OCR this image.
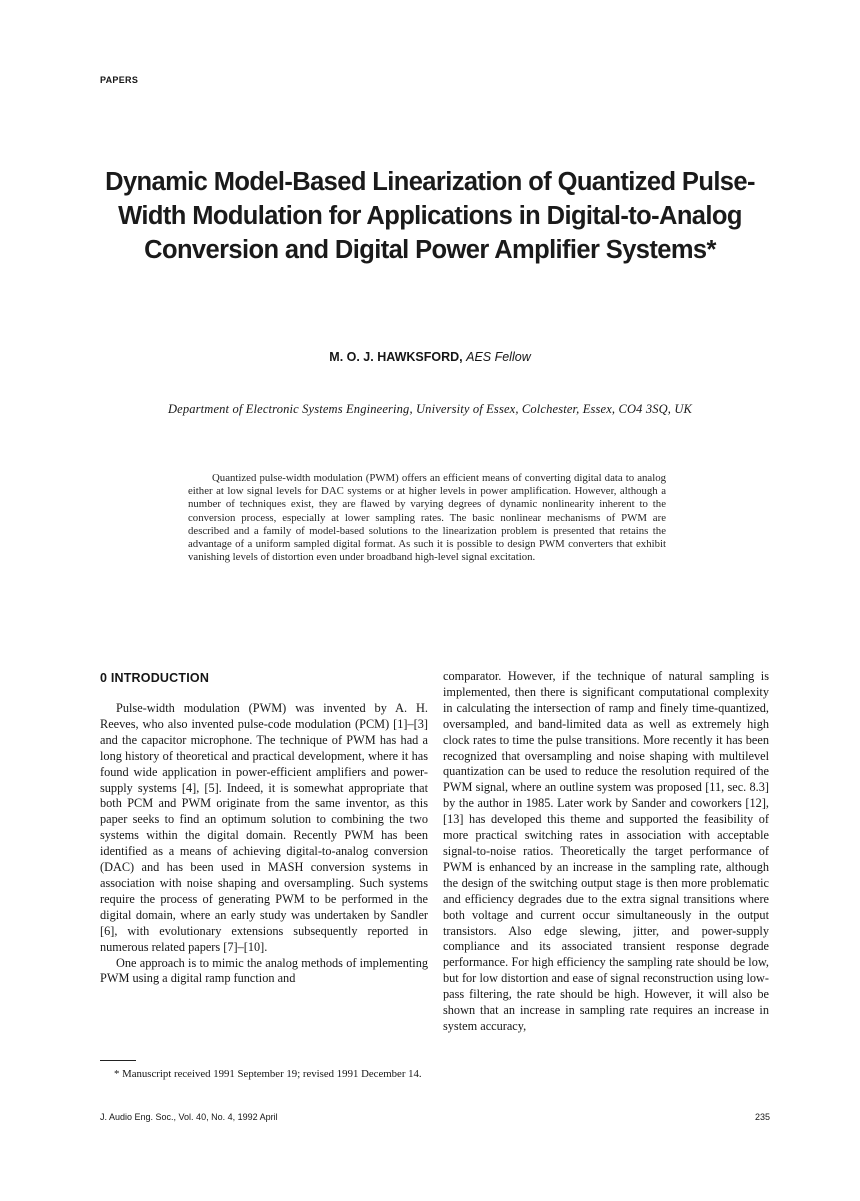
PAPERS
Dynamic Model-Based Linearization of Quantized Pulse-Width Modulation for Applications in Digital-to-Analog Conversion and Digital Power Amplifier Systems*
M. O. J. HAWKSFORD, AES Fellow
Department of Electronic Systems Engineering, University of Essex, Colchester, Essex, CO4 3SQ, UK
Quantized pulse-width modulation (PWM) offers an efficient means of converting digital data to analog either at low signal levels for DAC systems or at higher levels in power amplification. However, although a number of techniques exist, they are flawed by varying degrees of dynamic nonlinearity inherent to the conversion process, especially at lower sampling rates. The basic nonlinear mechanisms of PWM are described and a family of model-based solutions to the linearization problem is presented that retains the advantage of a uniform sampled digital format. As such it is possible to design PWM converters that exhibit vanishing levels of distortion even under broadband high-level signal excitation.
0 INTRODUCTION

Pulse-width modulation (PWM) was invented by A. H. Reeves, who also invented pulse-code modulation (PCM) [1]–[3] and the capacitor microphone. The technique of PWM has had a long history of theoretical and practical development, where it has found wide application in power-efficient amplifiers and power-supply systems [4], [5]. Indeed, it is somewhat appropriate that both PCM and PWM originate from the same inventor, as this paper seeks to find an optimum solution to combining the two systems within the digital domain. Recently PWM has been identified as a means of achieving digital-to-analog conversion (DAC) and has been used in MASH conversion systems in association with noise shaping and oversampling. Such systems require the process of generating PWM to be performed in the digital domain, where an early study was undertaken by Sandler [6], with evolutionary extensions subsequently reported in numerous related papers [7]–[10].

One approach is to mimic the analog methods of implementing PWM using a digital ramp function and

comparator. However, if the technique of natural sampling is implemented, then there is significant computational complexity in calculating the intersection of ramp and finely time-quantized, oversampled, and band-limited data as well as extremely high clock rates to time the pulse transitions. More recently it has been recognized that oversampling and noise shaping with multilevel quantization can be used to reduce the resolution required of the PWM signal, where an outline system was proposed [11, sec. 8.3] by the author in 1985. Later work by Sander and coworkers [12], [13] has developed this theme and supported the feasibility of more practical switching rates in association with acceptable signal-to-noise ratios. Theoretically the target performance of PWM is enhanced by an increase in the sampling rate, although the design of the switching output stage is then more problematic and efficiency degrades due to the extra signal transitions where both voltage and current occur simultaneously in the output transistors. Also edge slewing, jitter, and power-supply compliance and its associated transient response degrade performance. For high efficiency the sampling rate should be low, but for low distortion and ease of signal reconstruction using low-pass filtering, the rate should be high. However, it will also be shown that an increase in sampling rate requires an increase in system accuracy,

* Manuscript received 1991 September 19; revised 1991 December 14.
J. Audio Eng. Soc., Vol. 40, No. 4, 1992 April	235
